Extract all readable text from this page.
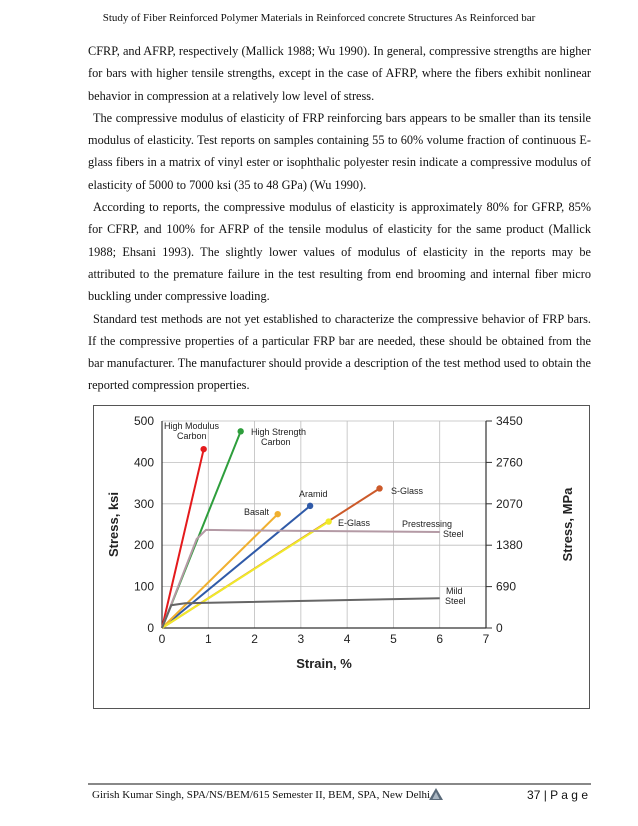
Study of Fiber Reinforced Polymer Materials in Reinforced concrete Structures As Reinforced bar

CFRP, and AFRP, respectively (Mallick 1988; Wu 1990). In general, compressive strengths are higher for bars with higher tensile strengths, except in the case of AFRP, where the fibers exhibit nonlinear behavior in compression at a relatively low level of stress.

The compressive modulus of elasticity of FRP reinforcing bars appears to be smaller than its tensile modulus of elasticity. Test reports on samples containing 55 to 60% volume fraction of continuous E-glass fibers in a matrix of vinyl ester or isophthalic polyester resin indicate a compressive modulus of elasticity of 5000 to 7000 ksi (35 to 48 GPa) (Wu 1990).

According to reports, the compressive modulus of elasticity is approximately 80% for GFRP, 85% for CFRP, and 100% for AFRP of the tensile modulus of elasticity for the same product (Mallick 1988; Ehsani 1993). The slightly lower values of modulus of elasticity in the reports may be attributed to the premature failure in the test resulting from end brooming and internal fiber micro buckling under compressive loading.

Standard test methods are not yet established to characterize the compressive behavior of FRP bars. If the compressive properties of a particular FRP bar are needed, these should be obtained from the bar manufacturer. The manufacturer should provide a description of the test method used to obtain the reported compression properties.

0	1	2	3	4	5	6	7
0	0
100	690
200	1380
300	2070
400	2760
500	3450
Strain, %
Stress, ksi	Stress, MPa
High Modulus
Carbon	High Strength
Carbon
Aramid	S-Glass
Basalt
E-Glass	Prestressing
Steel
Mild
Steel
Girish Kumar Singh, SPA/NS/BEM/615 Semester II, BEM, SPA, New Delhi	37 | P a g e
